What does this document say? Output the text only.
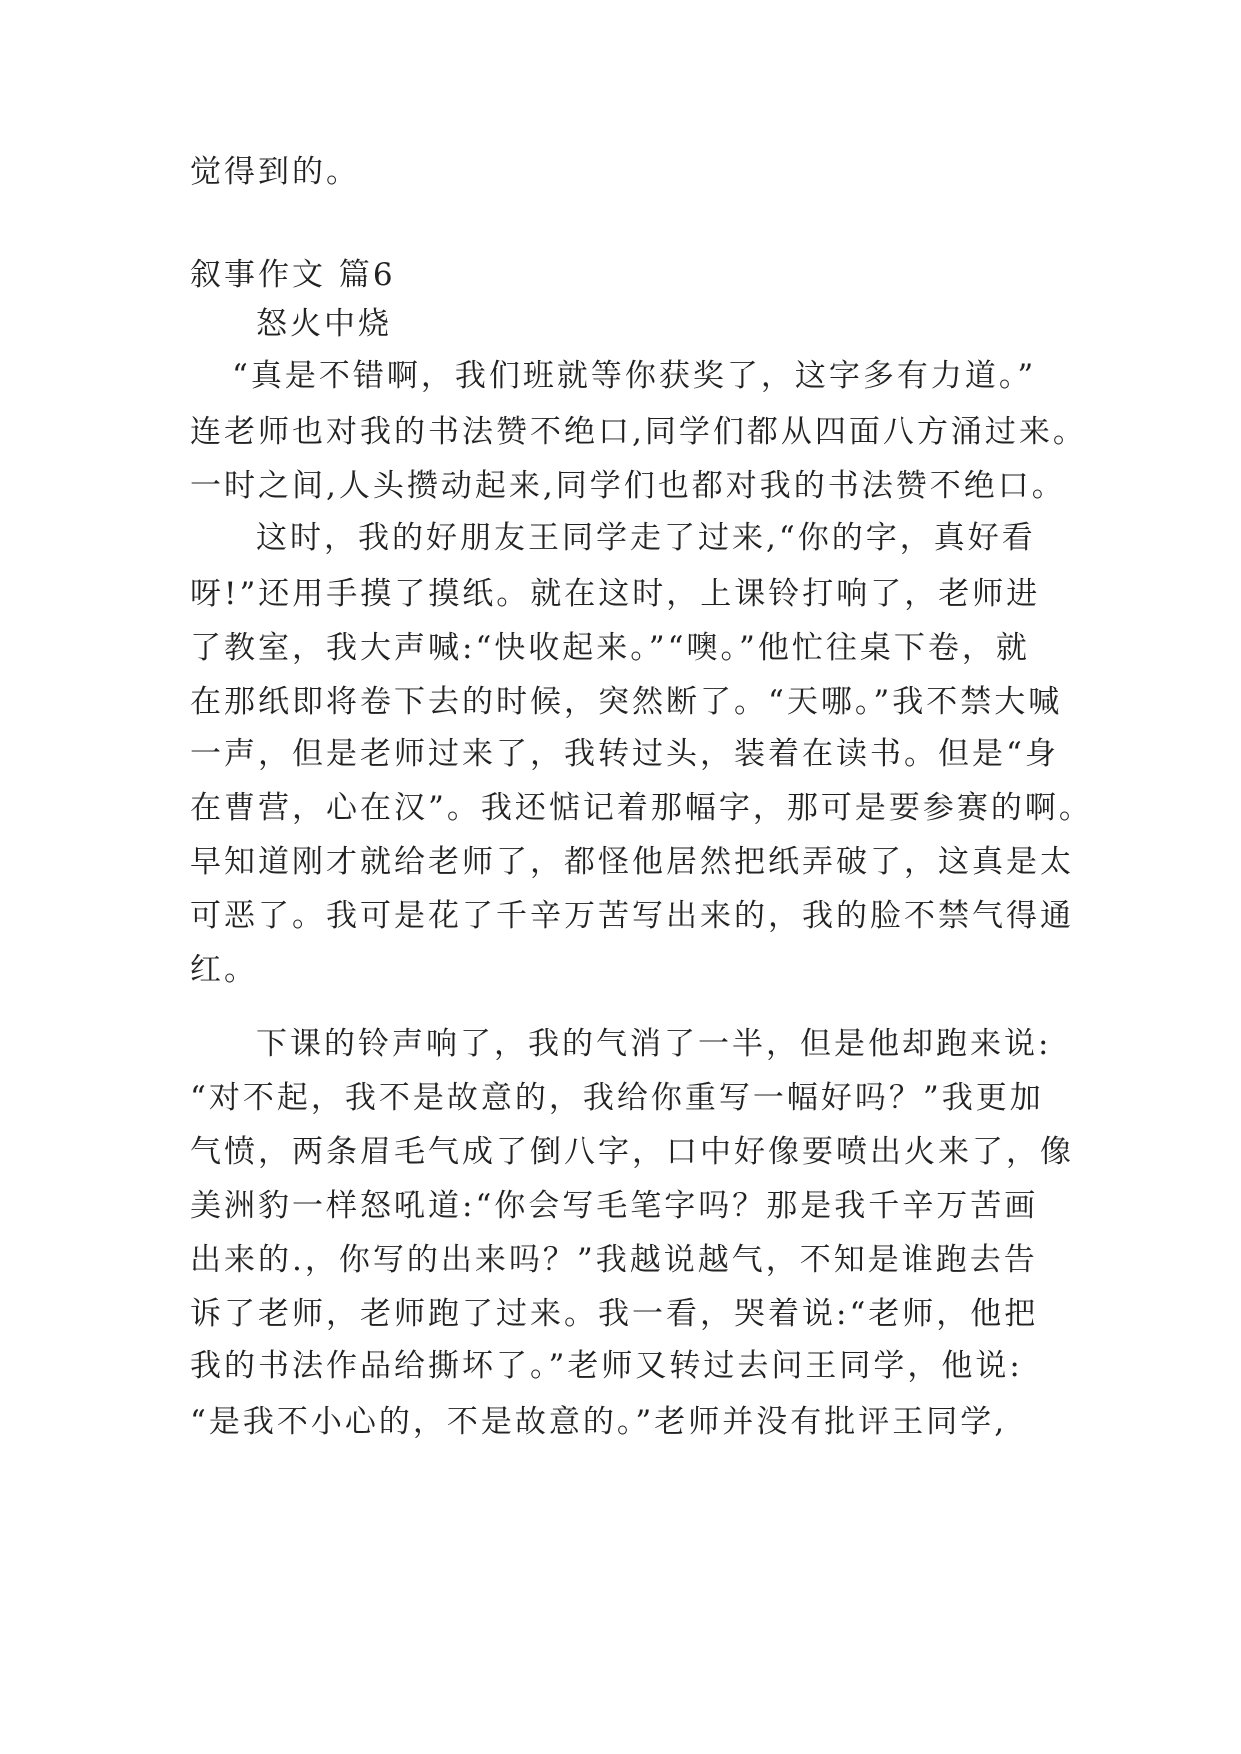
觉得到的。
叙事作文 篇6
怒火中烧
“真是不错啊，我们班就等你获奖了，这字多有力道。”
连老师也对我的书法赞不绝口,同学们都从四面八方涌过来。
一时之间,人头攒动起来,同学们也都对我的书法赞不绝口。
这时，我的好朋友王同学走了过来,“你的字，真好看
呀!”还用手摸了摸纸。就在这时，上课铃打响了，老师进
了教室，我大声喊:“快收起来。”“噢。”他忙往桌下卷，就
在那纸即将卷下去的时候，突然断了。“天哪。”我不禁大喊
一声，但是老师过来了，我转过头，装着在读书。但是“身
在曹营，心在汉”。我还惦记着那幅字，那可是要参赛的啊。
早知道刚才就给老师了，都怪他居然把纸弄破了，这真是太
可恶了。我可是花了千辛万苦写出来的，我的脸不禁气得通
红。
下课的铃声响了，我的气消了一半，但是他却跑来说:
“对不起，我不是故意的，我给你重写一幅好吗？”我更加
气愤，两条眉毛气成了倒八字，口中好像要喷出火来了，像
美洲豹一样怒吼道:“你会写毛笔字吗？那是我千辛万苦画
出来的.，你写的出来吗？”我越说越气，不知是谁跑去告
诉了老师，老师跑了过来。我一看，哭着说:“老师，他把
我的书法作品给撕坏了。”老师又转过去问王同学，他说:
“是我不小心的，不是故意的。”老师并没有批评王同学,
